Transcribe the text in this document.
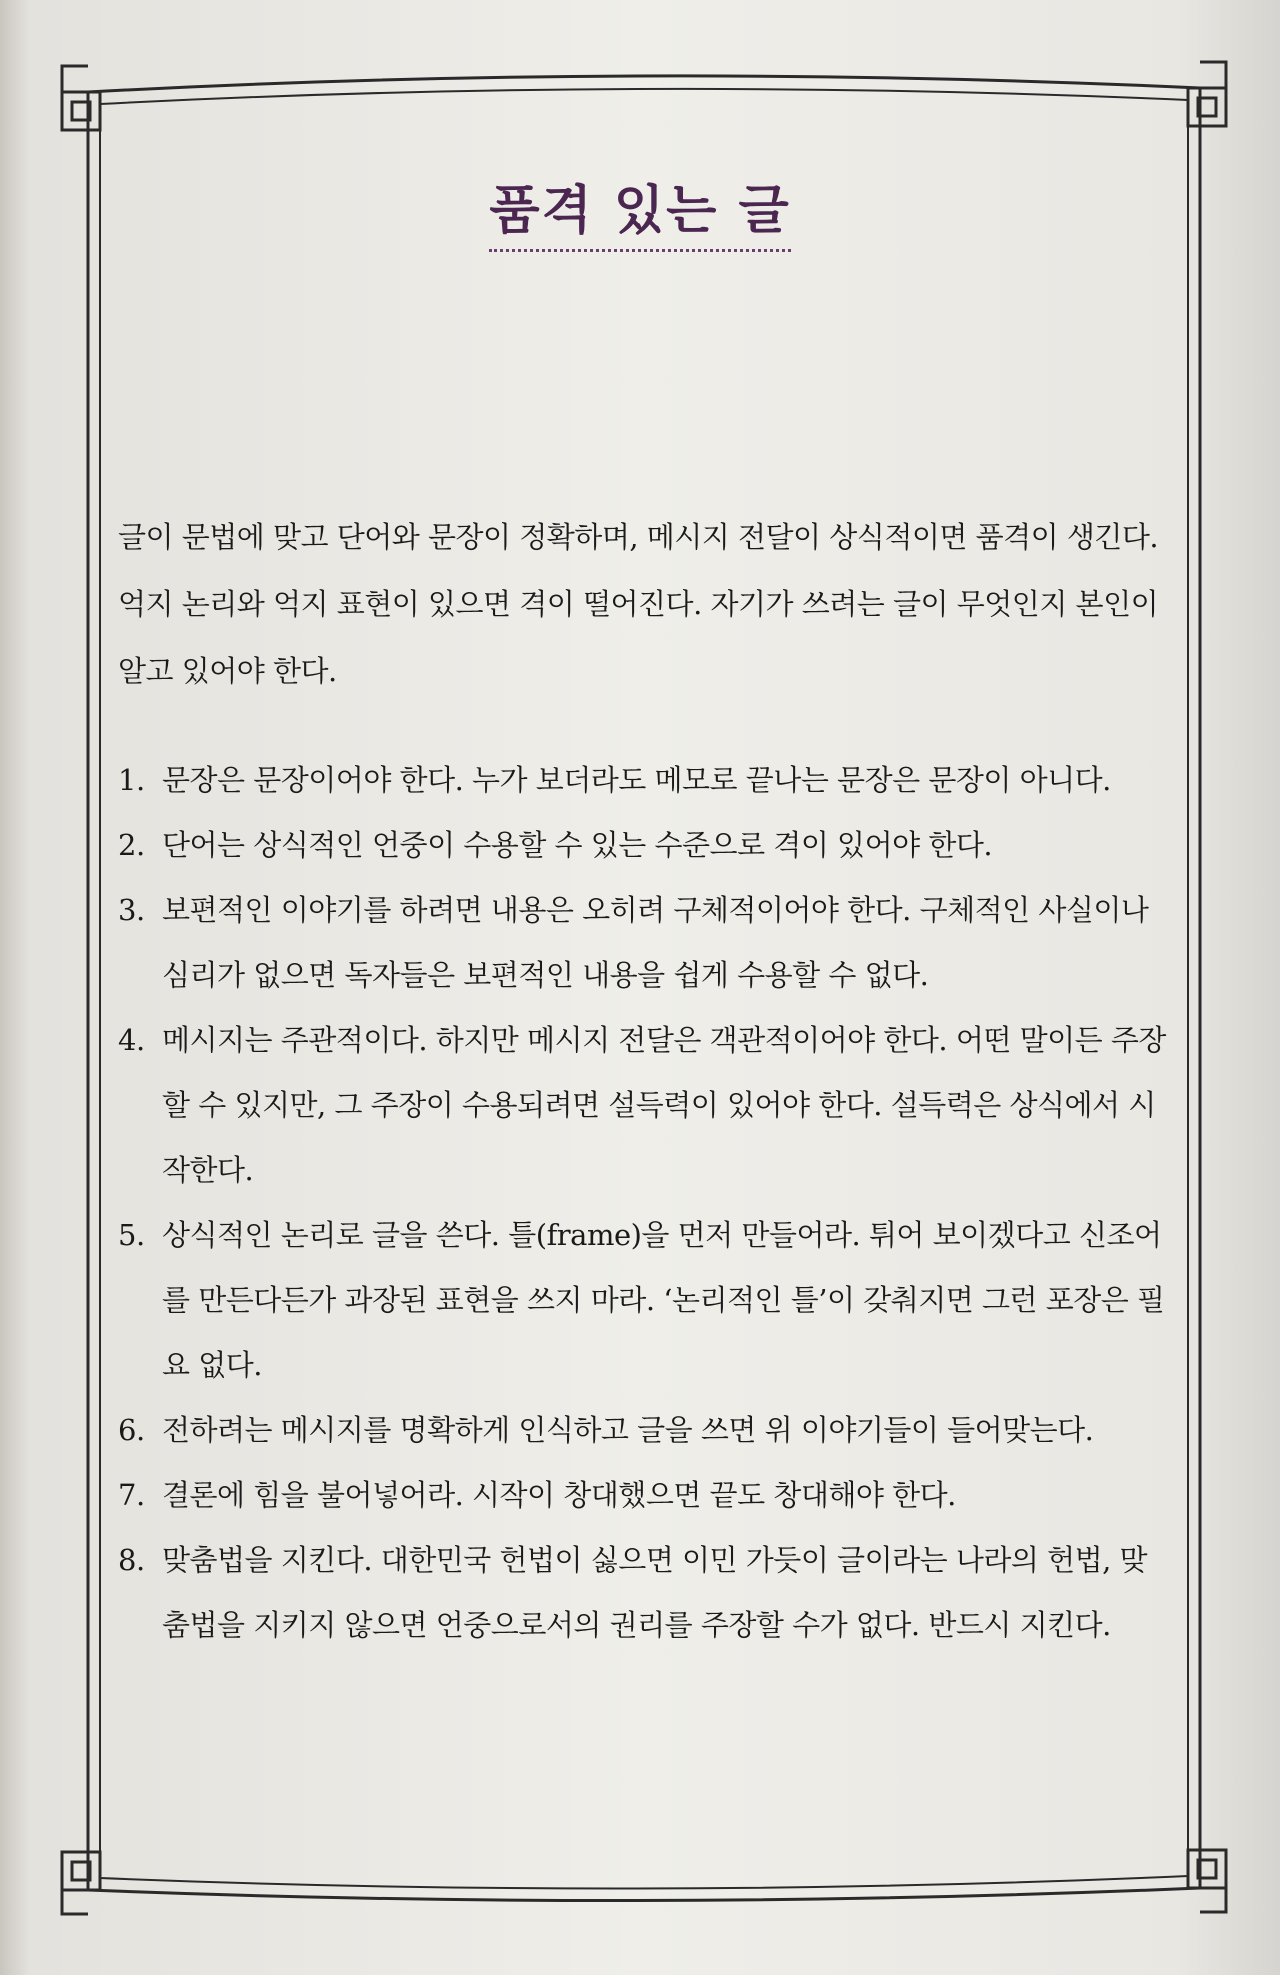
품격 있는 글

글이 문법에 맞고 단어와 문장이 정확하며, 메시지 전달이 상식적이면 품격이 생긴다. 억지 논리와 억지 표현이 있으면 격이 떨어진다. 자기가 쓰려는 글이 무엇인지 본인이 알고 있어야 한다.

1. 문장은 문장이어야 한다. 누가 보더라도 메모로 끝나는 문장은 문장이 아니다.
2. 단어는 상식적인 언중이 수용할 수 있는 수준으로 격이 있어야 한다.
3. 보편적인 이야기를 하려면 내용은 오히려 구체적이어야 한다. 구체적인 사실이나 심리가 없으면 독자들은 보편적인 내용을 쉽게 수용할 수 없다.
4. 메시지는 주관적이다. 하지만 메시지 전달은 객관적이어야 한다. 어떤 말이든 주장할 수 있지만, 그 주장이 수용되려면 설득력이 있어야 한다. 설득력은 상식에서 시작한다.
5. 상식적인 논리로 글을 쓴다. 틀(frame)을 먼저 만들어라. 튀어 보이겠다고 신조어를 만든다든가 과장된 표현을 쓰지 마라. ‘논리적인 틀’이 갖춰지면 그런 포장은 필요 없다.
6. 전하려는 메시지를 명확하게 인식하고 글을 쓰면 위 이야기들이 들어맞는다.
7. 결론에 힘을 불어넣어라. 시작이 창대했으면 끝도 창대해야 한다.
8. 맞춤법을 지킨다. 대한민국 헌법이 싫으면 이민 가듯이 글이라는 나라의 헌법, 맞춤법을 지키지 않으면 언중으로서의 권리를 주장할 수가 없다. 반드시 지킨다.
